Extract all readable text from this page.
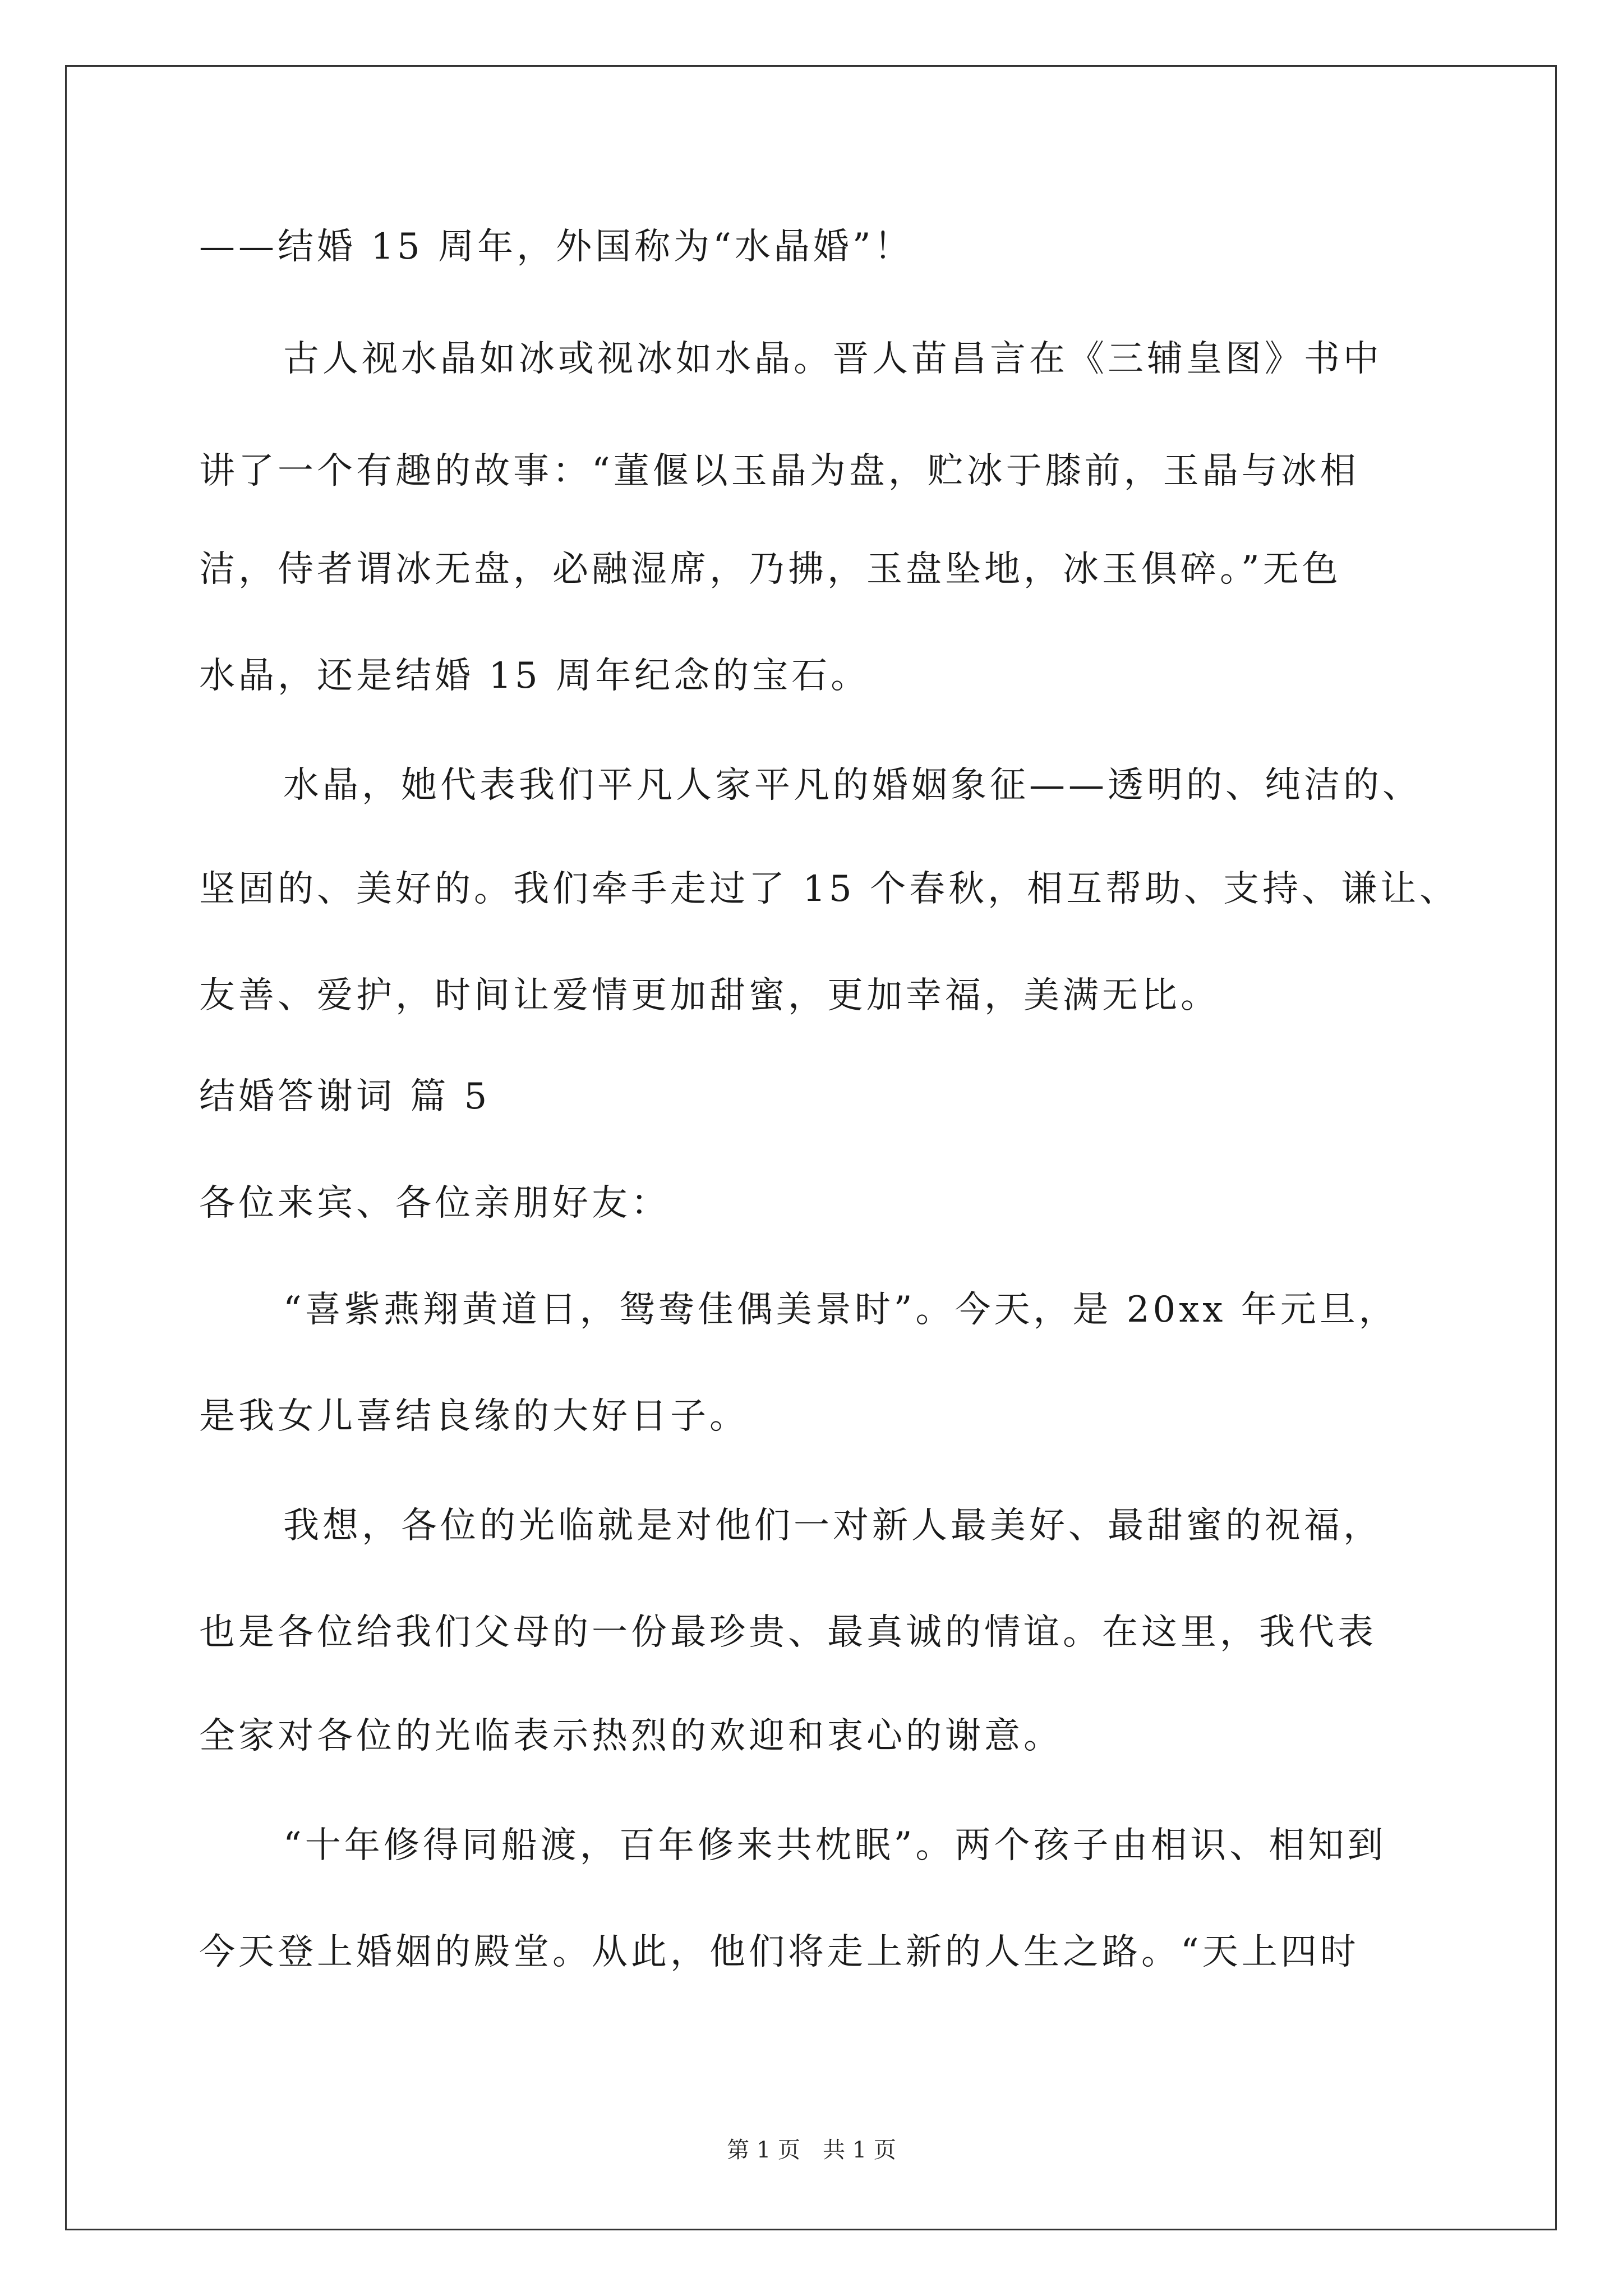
——结婚 15 周年，外国称为“水晶婚”！
古人视水晶如冰或视冰如水晶。晋人苗昌言在《三辅皇图》书中
讲了一个有趣的故事：“董偃以玉晶为盘，贮冰于膝前，玉晶与冰相
洁，侍者谓冰无盘，必融湿席，乃拂，玉盘坠地，冰玉俱碎。”无色
水晶，还是结婚 15 周年纪念的宝石。
水晶，她代表我们平凡人家平凡的婚姻象征——透明的、纯洁的、
坚固的、美好的。我们牵手走过了 15 个春秋，相互帮助、支持、谦让、
友善、爱护，时间让爱情更加甜蜜，更加幸福，美满无比。
结婚答谢词 篇 5
各位来宾、各位亲朋好友：
“喜紫燕翔黄道日，鸳鸯佳偶美景时”。今天，是 20xx 年元旦，
是我女儿喜结良缘的大好日子。
我想，各位的光临就是对他们一对新人最美好、最甜蜜的祝福，
也是各位给我们父母的一份最珍贵、最真诚的情谊。在这里，我代表
全家对各位的光临表示热烈的欢迎和衷心的谢意。
“十年修得同船渡，百年修来共枕眠”。两个孩子由相识、相知到
今天登上婚姻的殿堂。从此，他们将走上新的人生之路。“天上四时
第 1 页　共 1 页
